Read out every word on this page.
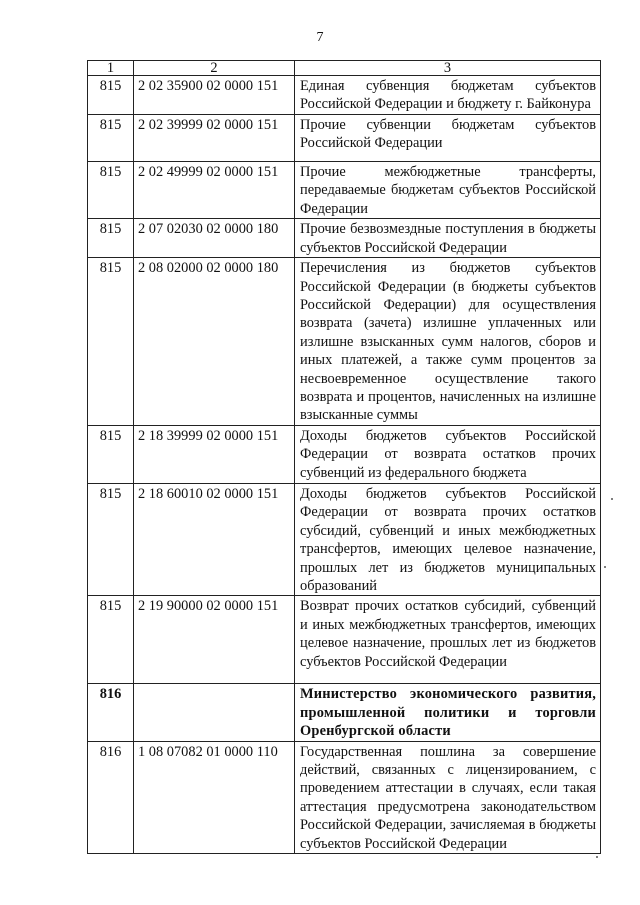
7
1	2	3
815	2 02 35900 02 0000 151	Единая субвенция бюджетам субъектов Российской Федерации и бюджету г. Байконура
815	2 02 39999 02 0000 151	Прочие субвенции бюджетам субъектов Российской Федерации
815	2 02 49999 02 0000 151	Прочие межбюджетные трансферты, передаваемые бюджетам субъектов Российской Федерации
815	2 07 02030 02 0000 180	Прочие безвозмездные поступления в бюджеты субъектов Российской Федерации
815	2 08 02000 02 0000 180	Перечисления из бюджетов субъектов Российской Федерации (в бюджеты субъектов Российской Федерации) для осуществления возврата (зачета) излишне уплаченных или излишне взысканных сумм налогов, сборов и иных платежей, а также сумм процентов за несвоевременное осуществление такого возврата и процентов, начисленных на излишне взысканные суммы
815	2 18 39999 02 0000 151	Доходы бюджетов субъектов Российской Федерации от возврата остатков прочих субвенций из федерального бюджета
815	2 18 60010 02 0000 151	Доходы бюджетов субъектов Российской Федерации от возврата прочих остатков субсидий, субвенций и иных межбюджетных трансфертов, имеющих целевое назначение, прошлых лет из бюджетов муниципальных образований
815	2 19 90000 02 0000 151	Возврат прочих остатков субсидий, субвенций и иных межбюджетных трансфертов, имеющих целевое назначение, прошлых лет из бюджетов субъектов Российской Федерации
816		Министерство экономического развития, промышленной политики и торговли Оренбургской области
816	1 08 07082 01 0000 110	Государственная пошлина за совершение действий, связанных с лицензированием, с проведением аттестации в случаях, если такая аттестация предусмотрена законодательством Российской Федерации, зачисляемая в бюджеты субъектов Российской Федерации
